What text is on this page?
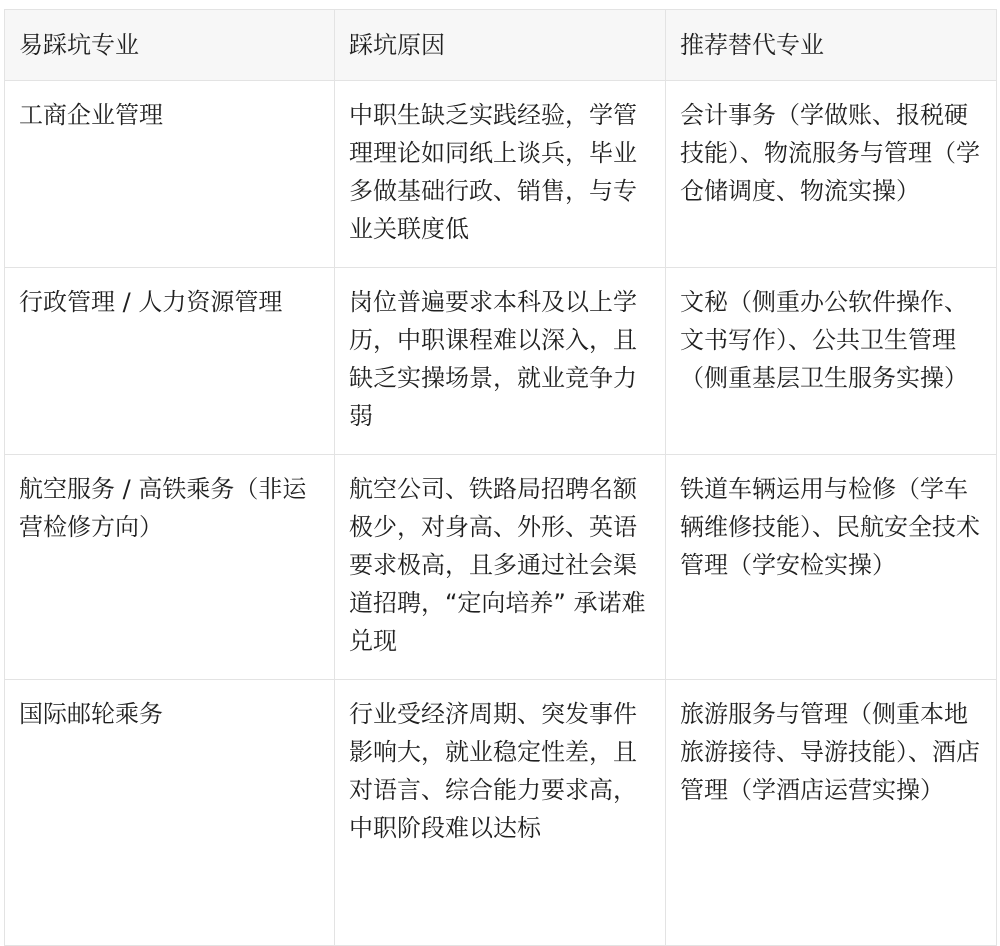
易踩坑专业	踩坑原因	推荐替代专业
工商企业管理	中职生缺乏实践经验，学管理理论如同纸上谈兵，毕业多做基础行政、销售，与专业关联度低	会计事务（学做账、报税硬技能）、物流服务与管理（学仓储调度、物流实操）
行政管理 / 人力资源管理	岗位普遍要求本科及以上学历，中职课程难以深入，且缺乏实操场景，就业竞争力弱	文秘（侧重办公软件操作、文书写作）、公共卫生管理（侧重基层卫生服务实操）
航空服务 / 高铁乘务（非运营检修方向）	航空公司、铁路局招聘名额极少，对身高、外形、英语要求极高，且多通过社会渠道招聘，“定向培养” 承诺难兑现	铁道车辆运用与检修（学车辆维修技能）、民航安全技术管理（学安检实操）
国际邮轮乘务	行业受经济周期、突发事件影响大，就业稳定性差，且对语言、综合能力要求高，中职阶段难以达标	旅游服务与管理（侧重本地旅游接待、导游技能）、酒店管理（学酒店运营实操）
